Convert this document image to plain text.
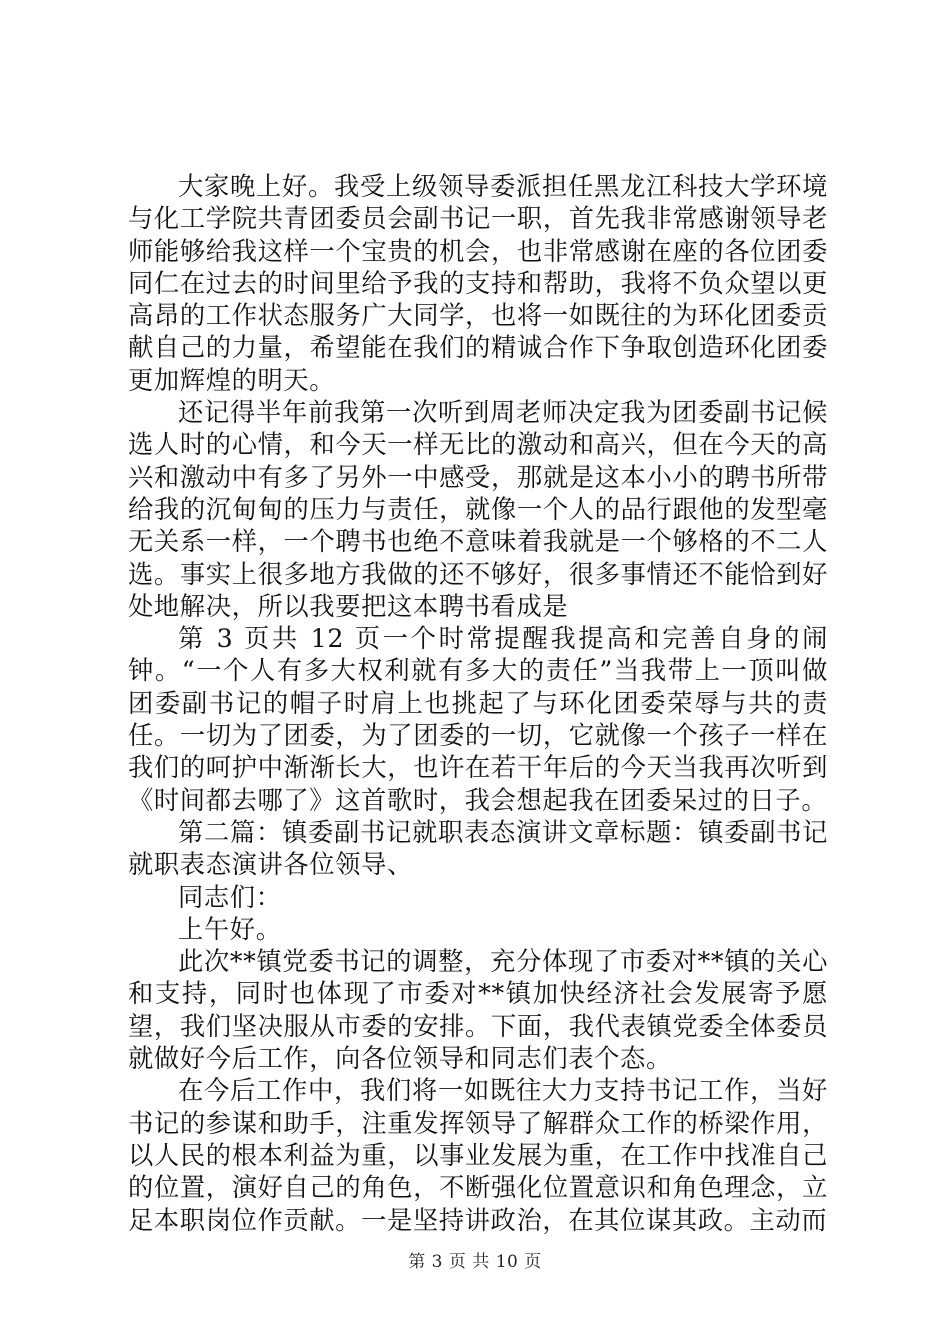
大家晚上好。我受上级领导委派担任黑龙江科技大学环境与化工学院共青团委员会副书记一职，首先我非常感谢领导老师能够给我这样一个宝贵的机会，也非常感谢在座的各位团委同仁在过去的时间里给予我的支持和帮助，我将不负众望以更高昂的工作状态服务广大同学，也将一如既往的为环化团委贡献自己的力量，希望能在我们的精诚合作下争取创造环化团委更加辉煌的明天。

还记得半年前我第一次听到周老师决定我为团委副书记候选人时的心情，和今天一样无比的激动和高兴，但在今天的高兴和激动中有多了另外一中感受，那就是这本小小的聘书所带给我的沉甸甸的压力与责任，就像一个人的品行跟他的发型毫无关系一样，一个聘书也绝不意味着我就是一个够格的不二人选。事实上很多地方我做的还不够好，很多事情还不能恰到好处地解决，所以我要把这本聘书看成是

第 3 页共 12 页一个时常提醒我提高和完善自身的闹钟。“一个人有多大权利就有多大的责任”当我带上一顶叫做团委副书记的帽子时肩上也挑起了与环化团委荣辱与共的责任。一切为了团委，为了团委的一切，它就像一个孩子一样在我们的呵护中渐渐长大，也许在若干年后的今天当我再次听到《时间都去哪了》这首歌时，我会想起我在团委呆过的日子。

第二篇：镇委副书记就职表态演讲文章标题：镇委副书记就职表态演讲各位领导、

同志们：

上午好。

此次**镇党委书记的调整，充分体现了市委对**镇的关心和支持，同时也体现了市委对**镇加快经济社会发展寄予愿望，我们坚决服从市委的安排。下面，我代表镇党委全体委员就做好今后工作，向各位领导和同志们表个态。

在今后工作中，我们将一如既往大力支持书记工作，当好书记的参谋和助手，注重发挥领导了解群众工作的桥梁作用，以人民的根本利益为重，以事业发展为重，在工作中找准自己的位置，演好自己的角色，不断强化位置意识和角色理念，立足本职岗位作贡献。一是坚持讲政治，在其位谋其政。主动而

第 3 页 共 10 页
